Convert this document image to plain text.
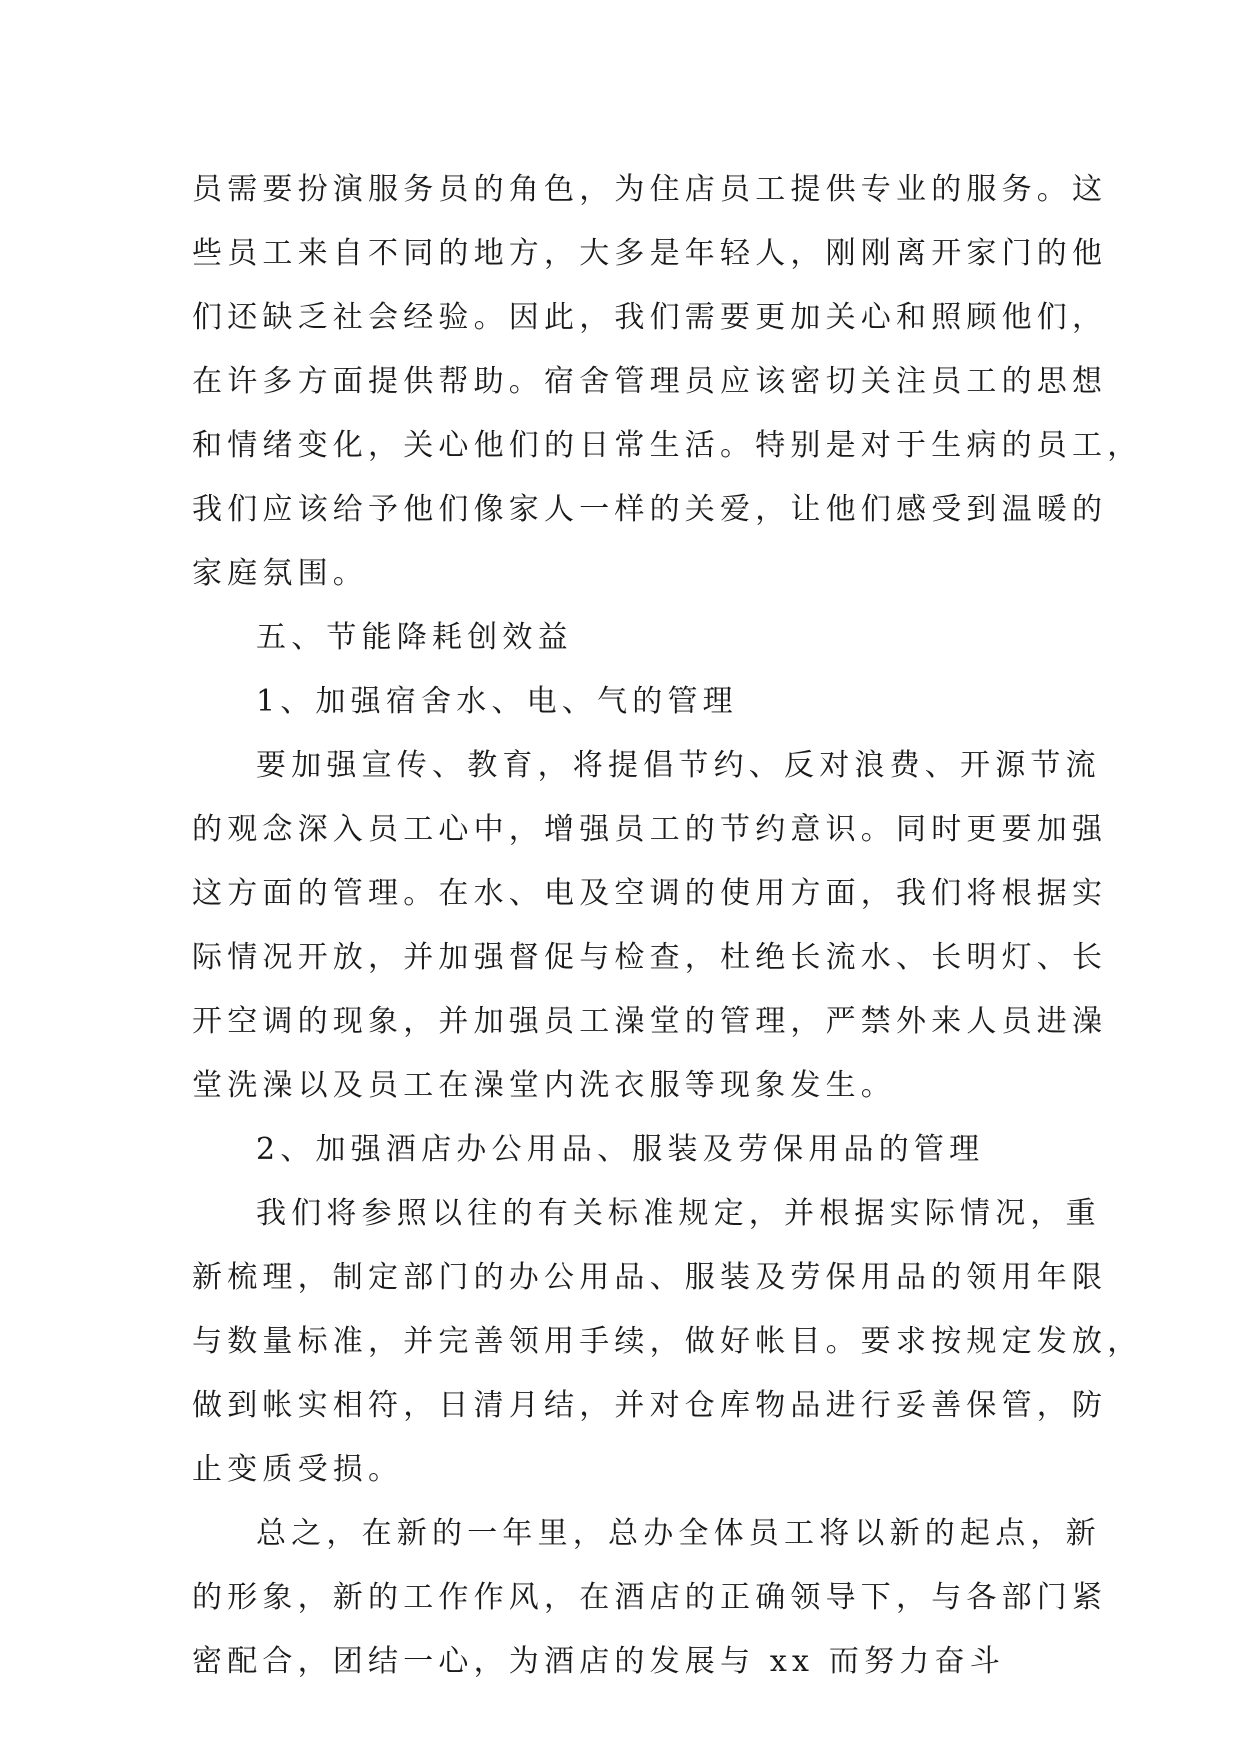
员需要扮演服务员的角色，为住店员工提供专业的服务。这
些员工来自不同的地方，大多是年轻人，刚刚离开家门的他
们还缺乏社会经验。因此，我们需要更加关心和照顾他们，
在许多方面提供帮助。宿舍管理员应该密切关注员工的思想
和情绪变化，关心他们的日常生活。特别是对于生病的员工，
我们应该给予他们像家人一样的关爱，让他们感受到温暖的
家庭氛围。
五、节能降耗创效益
1、加强宿舍水、电、气的管理
要加强宣传、教育，将提倡节约、反对浪费、开源节流
的观念深入员工心中，增强员工的节约意识。同时更要加强
这方面的管理。在水、电及空调的使用方面，我们将根据实
际情况开放，并加强督促与检查，杜绝长流水、长明灯、长
开空调的现象，并加强员工澡堂的管理，严禁外来人员进澡
堂洗澡以及员工在澡堂内洗衣服等现象发生。
2、加强酒店办公用品、服装及劳保用品的管理
我们将参照以往的有关标准规定，并根据实际情况，重
新梳理，制定部门的办公用品、服装及劳保用品的领用年限
与数量标准，并完善领用手续，做好帐目。要求按规定发放，
做到帐实相符，日清月结，并对仓库物品进行妥善保管，防
止变质受损。
总之，在新的一年里，总办全体员工将以新的起点，新
的形象，新的工作作风，在酒店的正确领导下，与各部门紧
密配合，团结一心，为酒店的发展与 xx 而努力奋斗
